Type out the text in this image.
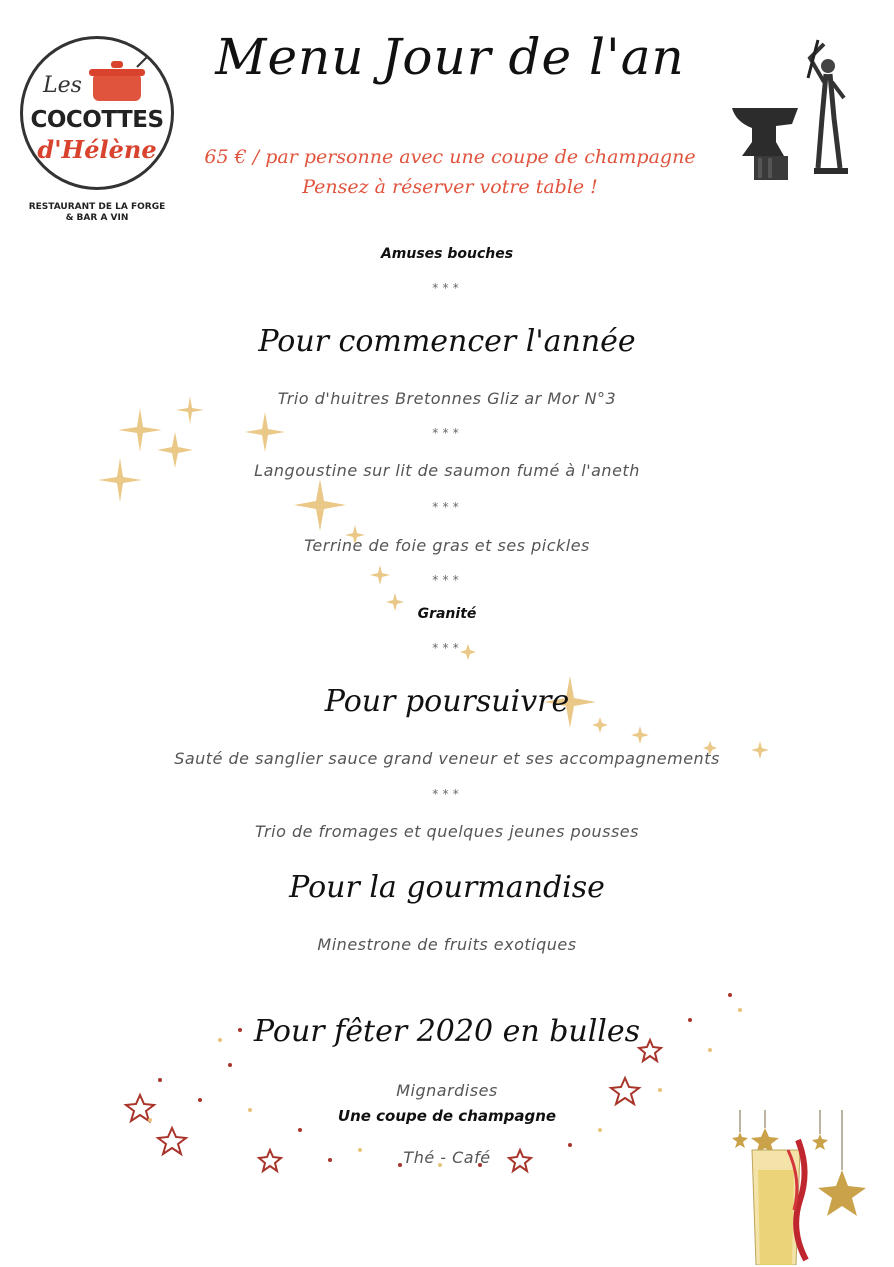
Les
COCOTTES
d'Hélène
RESTAURANT DE LA FORGE
& BAR A VIN
Menu Jour de l'an
65 € / par personne avec une coupe de champagne
Pensez à réserver votre table !
Amuses bouches
***
Pour commencer l'année
Trio d'huitres Bretonnes Gliz ar Mor N°3
***
Langoustine sur lit de saumon fumé à l'aneth
***
Terrine de foie gras et ses pickles
***
Granité
***
Pour poursuivre
Sauté de sanglier sauce grand veneur et ses accompagnements
***
Trio de fromages et quelques jeunes pousses
Pour la gourmandise
Minestrone de fruits exotiques
Pour fêter 2020 en bulles
Mignardises
Une coupe de champagne
Thé - Café
